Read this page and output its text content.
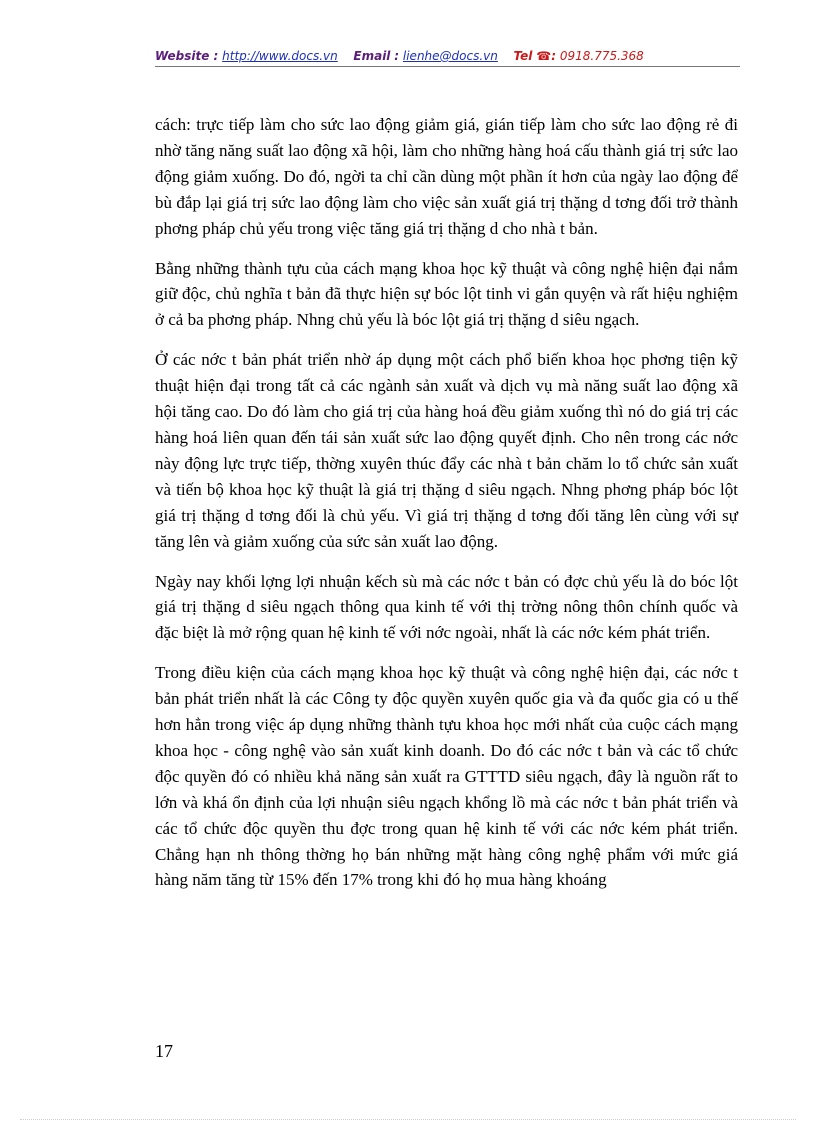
Website : http://www.docs.vn Email : lienhe@docs.vn Tel ☎: 0918.775.368

cách: trực tiếp làm cho sức lao động giảm giá, gián tiếp làm cho sức lao động rẻ đi nhờ tăng năng suất lao động xã hội, làm cho những hàng hoá cấu thành giá trị sức lao động giảm xuống. Do đó, ngời ta chỉ cần dùng một phần ít hơn của ngày lao động để bù đắp lại giá trị sức lao động làm cho việc sản xuất giá trị thặng d tơng đối trở thành phơng pháp chủ yếu trong việc tăng giá trị thặng d cho nhà t bản.

Bằng những thành tựu của cách mạng khoa học kỹ thuật và công nghệ hiện đại nắm giữ độc, chủ nghĩa t bản đã thực hiện sự bóc lột tinh vi gắn quyện và rất hiệu nghiệm ở cả ba phơng pháp. Nhng chủ yếu là bóc lột giá trị thặng d siêu ngạch.

Ở các nớc t bản phát triển nhờ áp dụng một cách phổ biến khoa học phơng tiện kỹ thuật hiện đại trong tất cả các ngành sản xuất và dịch vụ mà năng suất lao động xã hội tăng cao. Do đó làm cho giá trị của hàng hoá đều giảm xuống thì nó do giá trị các hàng hoá liên quan đến tái sản xuất sức lao động quyết định. Cho nên trong các nớc này động lực trực tiếp, thờng xuyên thúc đẩy các nhà t bản chăm lo tổ chức sản xuất và tiến bộ khoa học kỹ thuật là giá trị thặng d siêu ngạch. Nhng phơng pháp bóc lột giá trị thặng d tơng đối là chủ yếu. Vì giá trị thặng d tơng đối tăng lên cùng với sự tăng lên và giảm xuống của sức sản xuất lao động.

Ngày nay khối lợng lợi nhuận kếch sù mà các nớc t bản có đợc chủ yếu là do bóc lột giá trị thặng d siêu ngạch thông qua kinh tế với thị trờng nông thôn chính quốc và đặc biệt là mở rộng quan hệ kinh tế với nớc ngoài, nhất là các nớc kém phát triển.

Trong điều kiện của cách mạng khoa học kỹ thuật và công nghệ hiện đại, các nớc t bản phát triển nhất là các Công ty độc quyền xuyên quốc gia và đa quốc gia có u thế hơn hẳn trong việc áp dụng những thành tựu khoa học mới nhất của cuộc cách mạng khoa học - công nghệ vào sản xuất kinh doanh. Do đó các nớc t bản và các tổ chức độc quyền đó có nhiều khả năng sản xuất ra GTTTD siêu ngạch, đây là nguồn rất to lớn và khá ổn định của lợi nhuận siêu ngạch khổng lồ mà các nớc t bản phát triển và các tổ chức độc quyền thu đợc trong quan hệ kinh tế với các nớc kém phát triển. Chẳng hạn nh thông thờng họ bán những mặt hàng công nghệ phẩm với mức giá hàng năm tăng từ 15% đến 17% trong khi đó họ mua hàng khoáng

17
